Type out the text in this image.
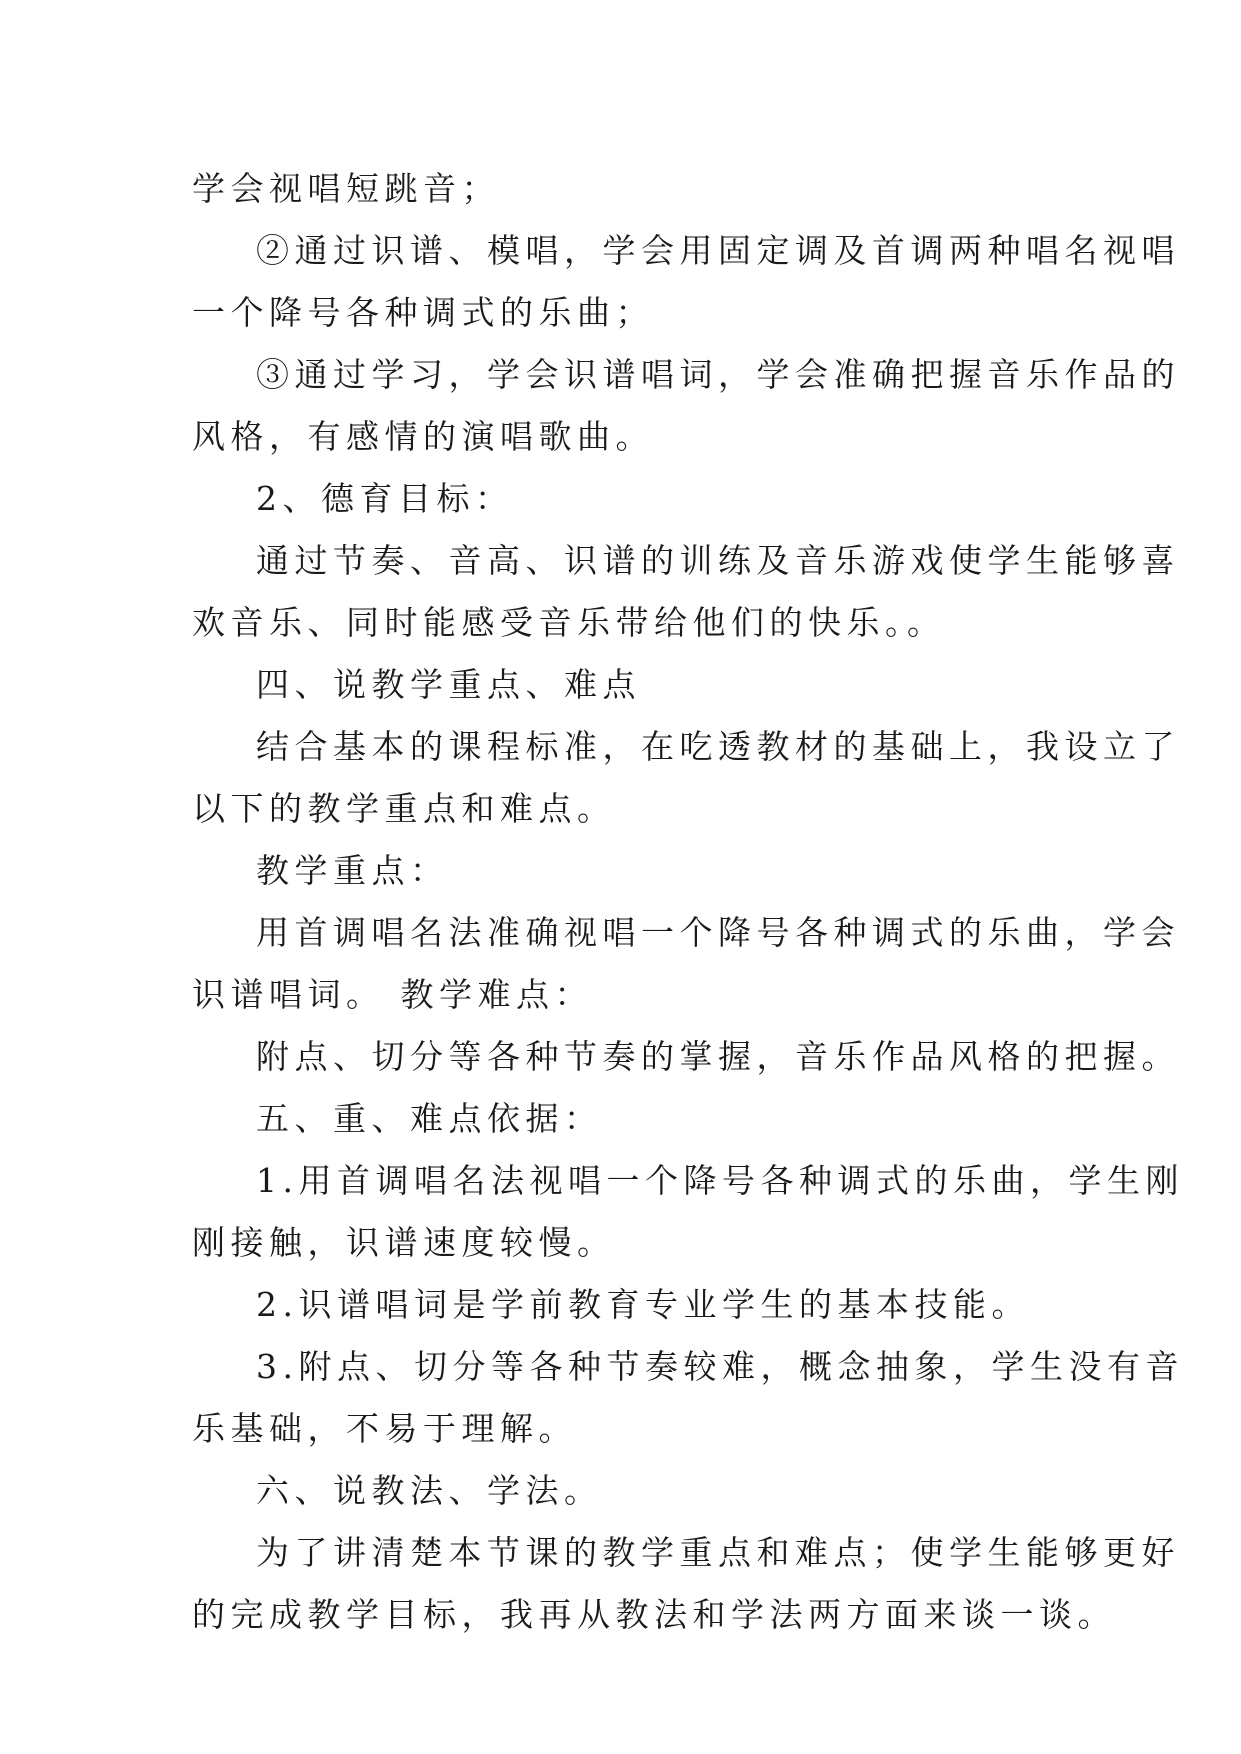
学会视唱短跳音；
②通过识谱、模唱，学会用固定调及首调两种唱名视唱
一个降号各种调式的乐曲；
③通过学习，学会识谱唱词，学会准确把握音乐作品的
风格，有感情的演唱歌曲。
2、德育目标：
通过节奏、音高、识谱的训练及音乐游戏使学生能够喜
欢音乐、同时能感受音乐带给他们的快乐。。
四、说教学重点、难点
结合基本的课程标准，在吃透教材的基础上，我设立了
以下的教学重点和难点。
教学重点：
用首调唱名法准确视唱一个降号各种调式的乐曲，学会
识谱唱词。 教学难点：
附点、切分等各种节奏的掌握，音乐作品风格的把握。
五、重、难点依据：
1.用首调唱名法视唱一个降号各种调式的乐曲，学生刚
刚接触，识谱速度较慢。
2.识谱唱词是学前教育专业学生的基本技能。
3.附点、切分等各种节奏较难，概念抽象，学生没有音
乐基础，不易于理解。
六、说教法、学法。
为了讲清楚本节课的教学重点和难点；使学生能够更好
的完成教学目标，我再从教法和学法两方面来谈一谈。
